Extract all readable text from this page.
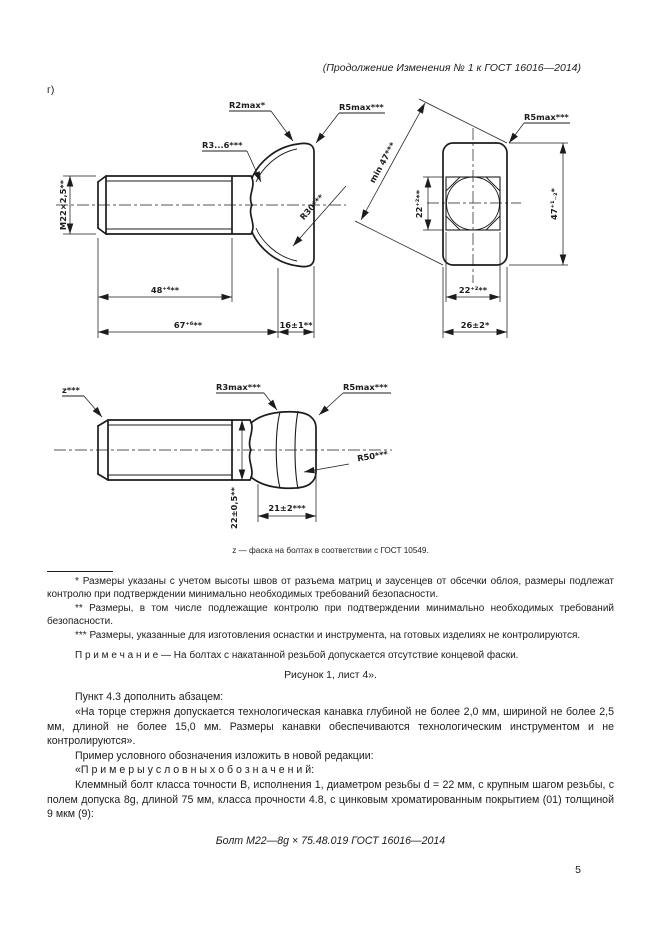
(Продолжение Изменения № 1 к ГОСТ 16016—2014)
г)
М22×2,5**
48⁺⁴**
67⁺⁶**	16±1**
R3...6***
R2max*	R5max***
R30***	22⁺²**	47⁺¹₋₂*
22⁺²**
26±2*
min 47***
R5max***
z***	R3max***	R5max***
R50***
22±0,5**	21±2***
z — фаска на болтах в соответствии с ГОСТ 10549.

* Размеры указаны с учетом высоты швов от разъема матриц и заусенцев от обсечки облоя, размеры подлежат контролю при подтверждении минимально необходимых требований безопасности.

** Размеры, в том числе подлежащие контролю при подтверждении минимально необходимых требований безопасности.

*** Размеры, указанные для изготовления оснастки и инструмента, на готовых изделиях не контролируются.

П р и м е ч а н и е — На болтах с накатанной резьбой допускается отсутствие концевой фаски.

Рисунок 1, лист 4».

Пункт 4.3 дополнить абзацем:

«На торце стержня допускается технологическая канавка глубиной не более 2,0 мм, шириной не более 2,5 мм, длиной не более 15,0 мм. Размеры канавки обеспечиваются технологическим инструментом и не контролируются».

Пример условного обозначения изложить в новой редакции:

«П р и м е р ы у с л о в н ы х о б о з н а ч е н и й:

Клеммный болт класса точности В, исполнения 1, диаметром резьбы d = 22 мм, с крупным шагом резьбы, с полем допуска 8g, длиной 75 мм, класса прочности 4.8, с цинковым хроматированным покрытием (01) толщиной 9 мкм (9):

Болт М22—8g × 75.48.019 ГОСТ 16016—2014

5
